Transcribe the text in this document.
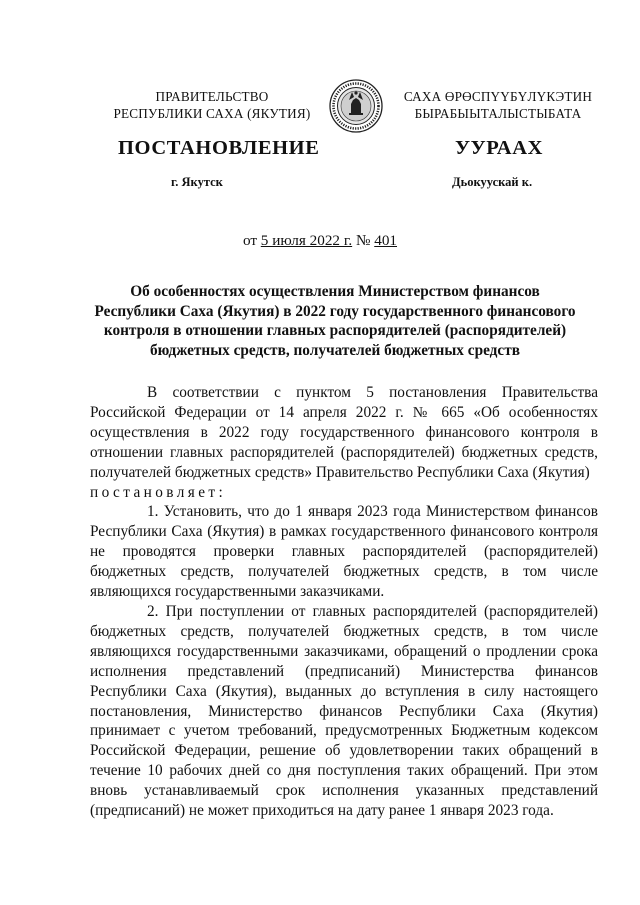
ПРАВИТЕЛЬСТВО
РЕСПУБЛИКИ САХА (ЯКУТИЯ)
САХА ӨРӨСПҮҮБҮЛҮКЭТИН
БЫРАБЫЫТАЛЫСТЫБАТА
ПОСТАНОВЛЕНИЕ	УУРААХ
г. Якутск	Дьокуускай к.
от 5 июля 2022 г. № 401
Об особенностях осуществления Министерством финансов
Республики Саха (Якутия) в 2022 году государственного финансового
контроля в отношении главных распорядителей (распорядителей)
бюджетных средств, получателей бюджетных средств

В соответствии с пунктом 5 постановления Правительства Российской Федерации от 14 апреля 2022 г. № 665 «Об особенностях осуществления в 2022 году государственного финансового контроля в отношении главных распорядителей (распорядителей) бюджетных средств, получателей бюджетных средств» Правительство Республики Саха (Якутия)

постановляет:

1. Установить, что до 1 января 2023 года Министерством финансов Республики Саха (Якутия) в рамках государственного финансового контроля не проводятся проверки главных распорядителей (распорядителей) бюджетных средств, получателей бюджетных средств, в том числе являющихся государственными заказчиками.

2. При поступлении от главных распорядителей (распорядителей) бюджетных средств, получателей бюджетных средств, в том числе являющихся государственными заказчиками, обращений о продлении срока исполнения представлений (предписаний) Министерства финансов Республики Саха (Якутия), выданных до вступления в силу настоящего постановления, Министерство финансов Республики Саха (Якутия) принимает с учетом требований, предусмотренных Бюджетным кодексом Российской Федерации, решение об удовлетворении таких обращений в течение 10 рабочих дней со дня поступления таких обращений. При этом вновь устанавливаемый срок исполнения указанных представлений (предписаний) не может приходиться на дату ранее 1 января 2023 года.
